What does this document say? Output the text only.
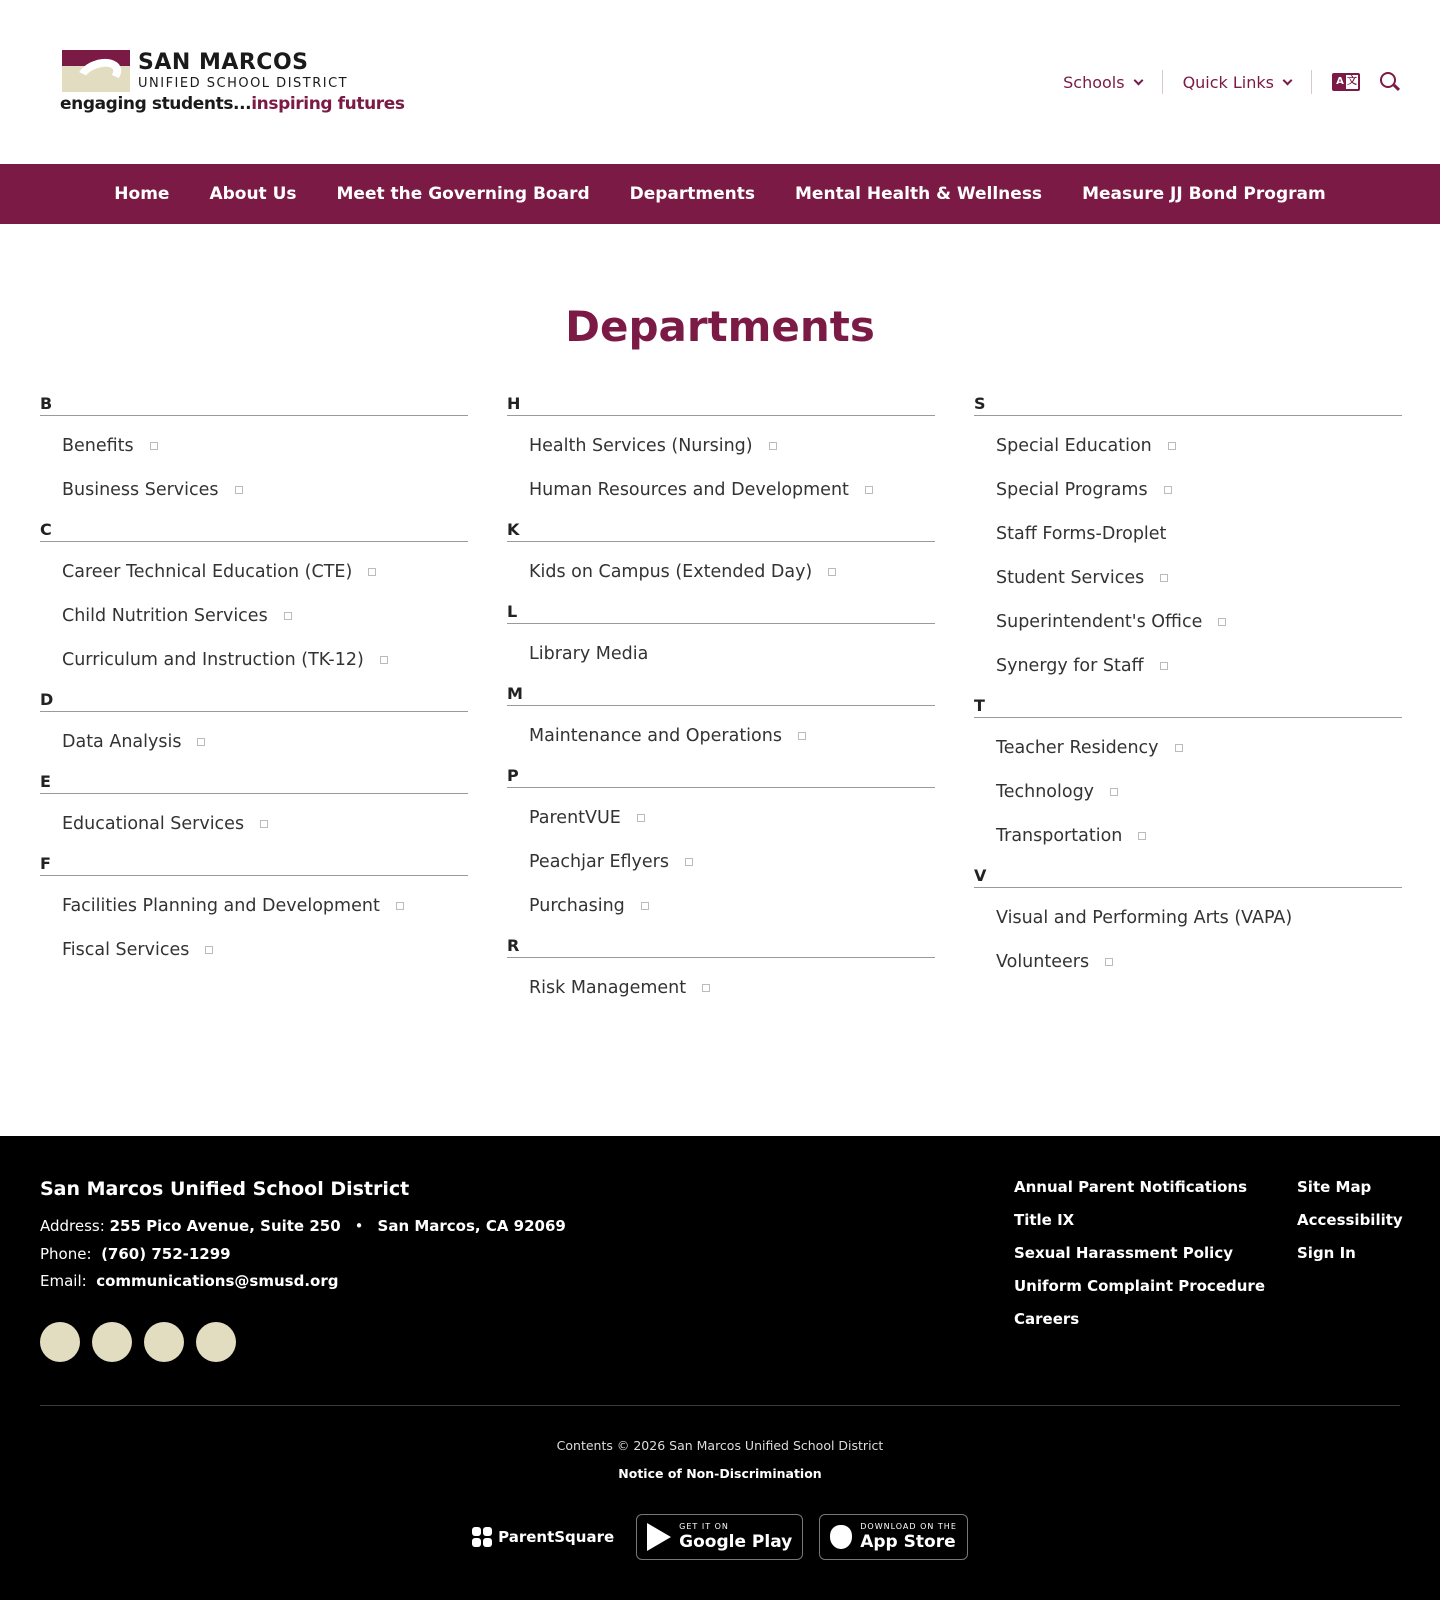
SAN MARCOS
UNIFIED SCHOOL DISTRICT
engaging students...inspiring futures
Schools	Quick Links	A 文
Home	About Us	Meet the Governing Board	Departments	Mental Health & Wellness	Measure JJ Bond Program
Departments
B
Benefits
Business Services
C
Career Technical Education (CTE)
Child Nutrition Services
Curriculum and Instruction (TK-12)
D
Data Analysis
E
Educational Services
F
Facilities Planning and Development
Fiscal Services
H
Health Services (Nursing)
Human Resources and Development
K
Kids on Campus (Extended Day)
L
Library Media
M
Maintenance and Operations
P
ParentVUE
Peachjar Eflyers
Purchasing
R
Risk Management
S
Special Education
Special Programs
Staff Forms-Droplet
Student Services
Superintendent's Office
Synergy for Staff
T
Teacher Residency
Technology
Transportation
V
Visual and Performing Arts (VAPA)
Volunteers
San Marcos Unified School District
Address: 255 Pico Avenue, Suite 250 • San Marcos, CA 92069
Phone: (760) 752-1299
Email: communications@smusd.org
Annual Parent Notifications
Title IX
Sexual Harassment Policy
Uniform Complaint Procedure
Careers
Site Map
Accessibility
Sign In
Contents © 2026 San Marcos Unified School District
Notice of Non-Discrimination
ParentSquare
GET IT ON
Google Play
DOWNLOAD ON THE
App Store
